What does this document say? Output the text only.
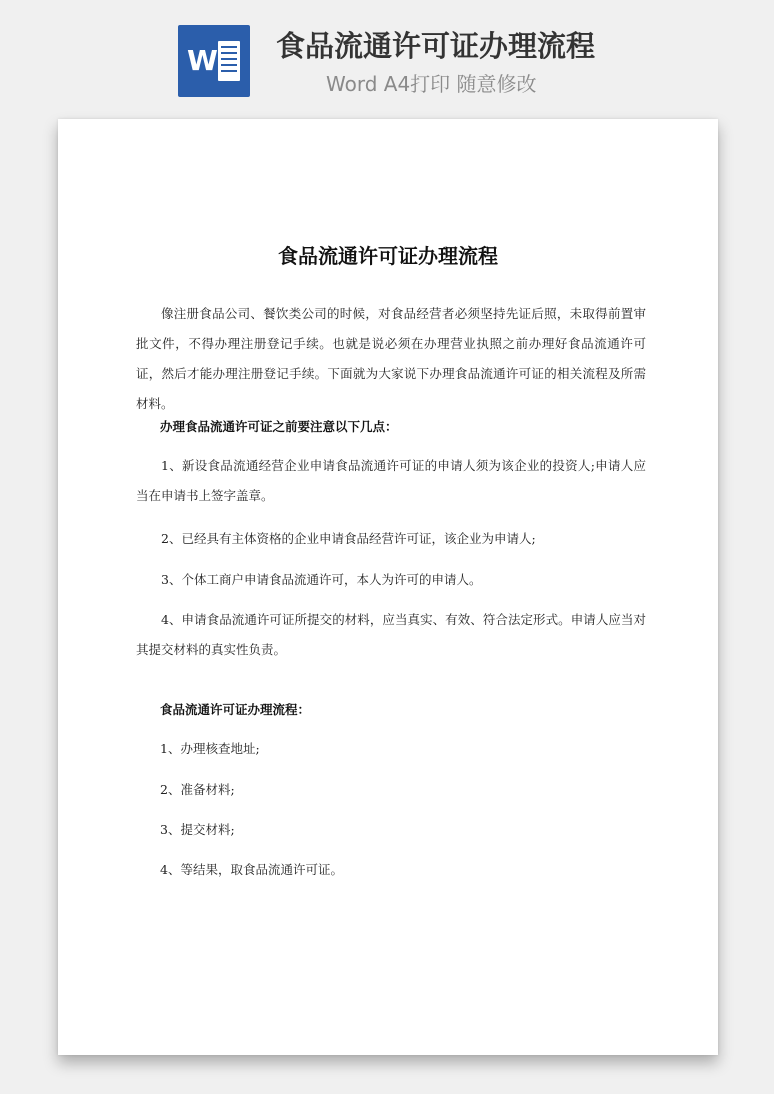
W 食品流通许可证办理流程
Word A4打印 随意修改
食品流通许可证办理流程

像注册食品公司、餐饮类公司的时候，对食品经营者必须坚持先证后照，未取得前置审批文件，不得办理注册登记手续。也就是说必须在办理营业执照之前办理好食品流通许可证，然后才能办理注册登记手续。下面就为大家说下办理食品流通许可证的相关流程及所需材料。

办理食品流通许可证之前要注意以下几点：

1、新设食品流通经营企业申请食品流通许可证的申请人须为该企业的投资人;申请人应当在申请书上签字盖章。

2、已经具有主体资格的企业申请食品经营许可证，该企业为申请人;

3、个体工商户申请食品流通许可，本人为许可的申请人。

4、申请食品流通许可证所提交的材料，应当真实、有效、符合法定形式。申请人应当对其提交材料的真实性负责。

食品流通许可证办理流程：

1、办理核查地址;

2、准备材料;

3、提交材料;

4、等结果，取食品流通许可证。
